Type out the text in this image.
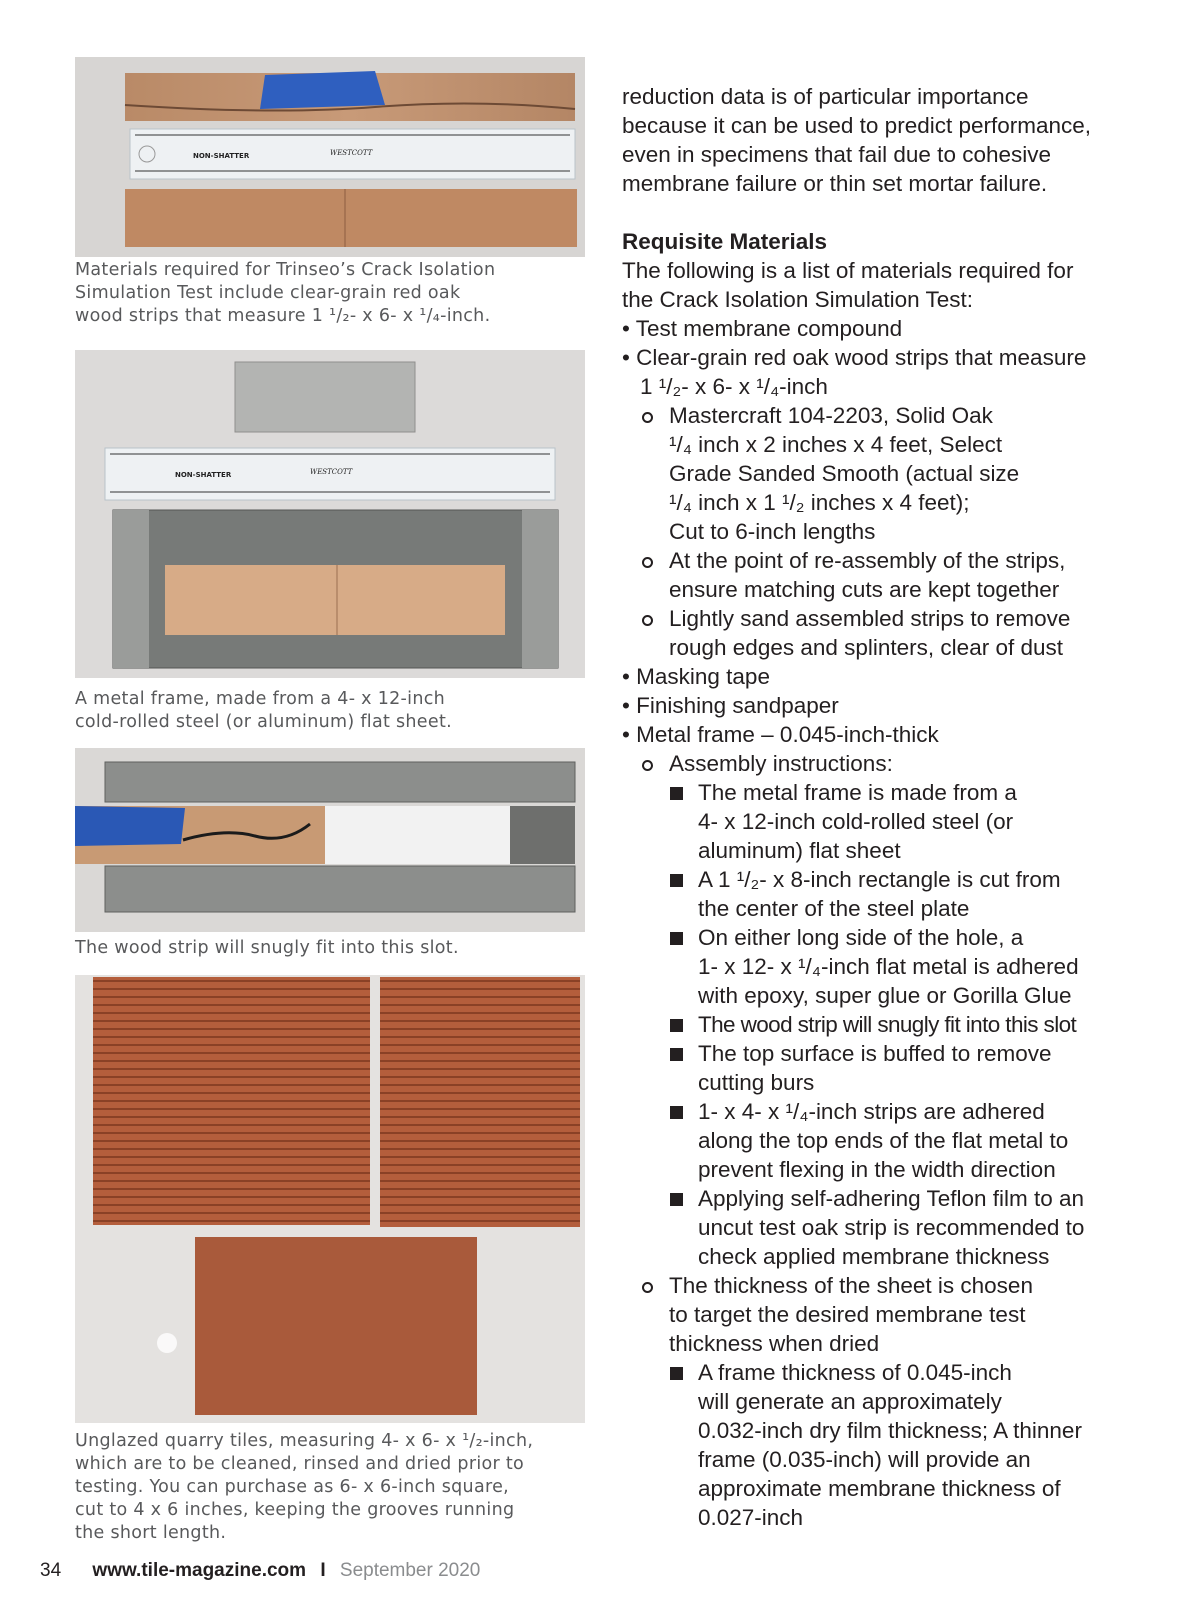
NON-SHATTER	WESTCOTT
Materials required for Trinseo’s Crack Isolation
Simulation Test include clear-grain red oak
wood strips that measure 1 ¹/₂- x 6- x ¹/₄-inch.
NON-SHATTER	WESTCOTT
A metal frame, made from a 4- x 12-inch
cold-rolled steel (or aluminum) flat sheet.
The wood strip will snugly fit into this slot.
Unglazed quarry tiles, measuring 4- x 6- x ¹/₂-inch,
which are to be cleaned, rinsed and dried prior to
testing. You can purchase as 6- x 6-inch square,
cut to 4 x 6 inches, keeping the grooves running
the short length.
reduction data is of particular importance
because it can be used to predict performance,
even in specimens that fail due to cohesive
membrane failure or thin set mortar failure.
Requisite Materials
The following is a list of materials required for
the Crack Isolation Simulation Test:
• Test membrane compound
• Clear-grain red oak wood strips that measure
1 ¹/₂- x 6- x ¹/₄-inch
Mastercraft 104-2203, Solid Oak
¹/₄ inch x 2 inches x 4 feet, Select
Grade Sanded Smooth (actual size
¹/₄ inch x 1 ¹/₂ inches x 4 feet);
Cut to 6-inch lengths
At the point of re-assembly of the strips,
ensure matching cuts are kept together
Lightly sand assembled strips to remove
rough edges and splinters, clear of dust
• Masking tape
• Finishing sandpaper
• Metal frame – 0.045-inch-thick
Assembly instructions:
The metal frame is made from a
4- x 12-inch cold-rolled steel (or
aluminum) flat sheet
A 1 ¹/₂- x 8-inch rectangle is cut from
the center of the steel plate
On either long side of the hole, a
1- x 12- x ¹/₄-inch flat metal is adhered
with epoxy, super glue or Gorilla Glue
The wood strip will snugly fit into this slot
The top surface is buffed to remove
cutting burs
1- x 4- x ¹/₄-inch strips are adhered
along the top ends of the flat metal to
prevent flexing in the width direction
Applying self-adhering Teflon film to an
uncut test oak strip is recommended to
check applied membrane thickness
The thickness of the sheet is chosen
to target the desired membrane test
thickness when dried
A frame thickness of 0.045-inch
will generate an approximately
0.032-inch dry film thickness; A thinner
frame (0.035-inch) will provide an
approximate membrane thickness of
0.027-inch
34 www.tile-magazine.com I September 2020
